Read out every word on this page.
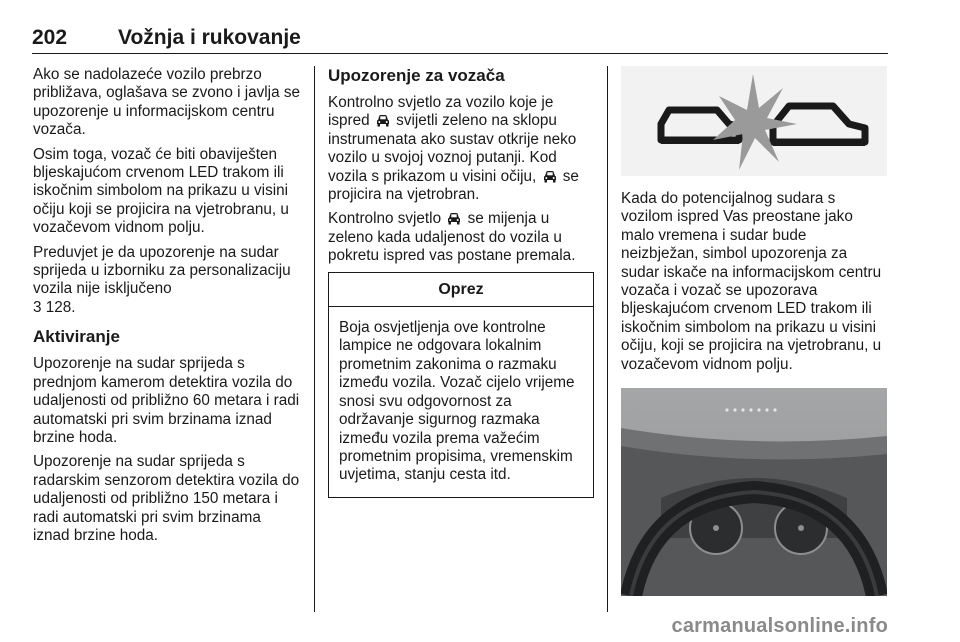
202 Vožnja i rukovanje

Ako se nadolazeće vozilo prebrzo približava, oglašava se zvono i javlja se upozorenje u informacijskom centru vozača.

Osim toga, vozač će biti obaviješten bljeskajućom crvenom LED trakom ili iskočnim simbolom na prikazu u visini očiju koji se projicira na vjetrobranu, u vozačevom vidnom polju.

Preduvjet je da upozorenje na sudar sprijeda u izborniku za personalizaciju vozila nije isključeno
3 128.

Aktiviranje

Upozorenje na sudar sprijeda s prednjom kamerom detektira vozila do udaljenosti od približno 60 metara i radi automatski pri svim brzinama iznad brzine hoda.

Upozorenje na sudar sprijeda s radarskim senzorom detektira vozila do udaljenosti od približno 150 metara i radi automatski pri svim brzinama iznad brzine hoda.

Upozorenje za vozača

Kontrolno svjetlo za vozilo koje je ispred svijetli zeleno na sklopu instrumenata ako sustav otkrije neko vozilo u svojoj voznoj putanji. Kod vozila s prikazom u visini očiju, se projicira na vjetrobran.

Kontrolno svjetlo se mijenja u zeleno kada udaljenost do vozila u pokretu ispred vas postane premala.

Oprez
Boja osvjetljenja ove kontrolne lampice ne odgovara lokalnim prometnim zakonima o razmaku između vozila. Vozač cijelo vrijeme snosi svu odgovornost za održavanje sigurnog razmaka između vozila prema važećim prometnim propisima, vremenskim uvjetima, stanju cesta itd.

Kada do potencijalnog sudara s vozilom ispred Vas preostane jako malo vremena i sudar bude neizbježan, simbol upozorenja za sudar iskače na informacijskom centru vozača i vozač se upozorava bljeskajućom crvenom LED trakom ili iskočnim simbolom na prikazu u visini očiju, koji se projicira na vjetrobranu, u vozačevom vidnom polju.

carmanualsonline.info
